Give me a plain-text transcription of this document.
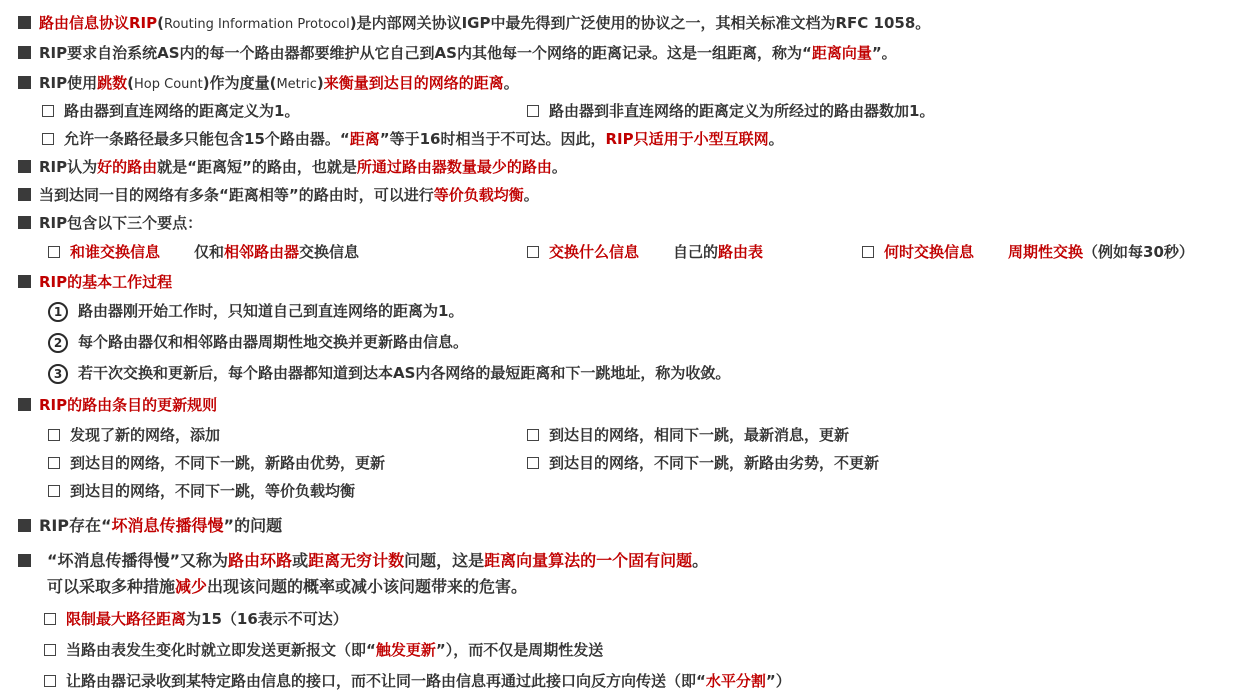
路由信息协议RIP(Routing Information Protocol)是内部网关协议IGP中最先得到广泛使用的协议之一，其相关标准文档为RFC 1058。
RIP要求自治系统AS内的每一个路由器都要维护从它自己到AS内其他每一个网络的距离记录。这是一组距离，称为“距离向量”。
RIP使用跳数(Hop Count)作为度量(Metric)来衡量到达目的网络的距离。
路由器到直连网络的距离定义为1。	路由器到非直连网络的距离定义为所经过的路由器数加1。
允许一条路径最多只能包含15个路由器。“距离”等于16时相当于不可达。因此，RIP只适用于小型互联网。
RIP认为好的路由就是“距离短”的路由，也就是所通过路由器数量最少的路由。
当到达同一目的网络有多条“距离相等”的路由时，可以进行等价负载均衡。
RIP包含以下三个要点：
和谁交换信息 仅和相邻路由器交换信息	交换什么信息 自己的路由表	何时交换信息 周期性交换（例如每30秒）
RIP的基本工作过程
1 路由器刚开始工作时，只知道自己到直连网络的距离为1。
2 每个路由器仅和相邻路由器周期性地交换并更新路由信息。
3 若干次交换和更新后，每个路由器都知道到达本AS内各网络的最短距离和下一跳地址，称为收敛。
RIP的路由条目的更新规则
发现了新的网络，添加	到达目的网络，相同下一跳，最新消息，更新
到达目的网络，不同下一跳，新路由优势，更新	到达目的网络，不同下一跳，新路由劣势，不更新
到达目的网络，不同下一跳，等价负载均衡
RIP存在“坏消息传播得慢”的问题
“坏消息传播得慢”又称为路由环路或距离无穷计数问题，这是距离向量算法的一个固有问题。
可以采取多种措施减少出现该问题的概率或减小该问题带来的危害。
限制最大路径距离为15（16表示不可达）
当路由表发生变化时就立即发送更新报文（即“触发更新”），而不仅是周期性发送
让路由器记录收到某特定路由信息的接口，而不让同一路由信息再通过此接口向反方向传送（即“水平分割”）
